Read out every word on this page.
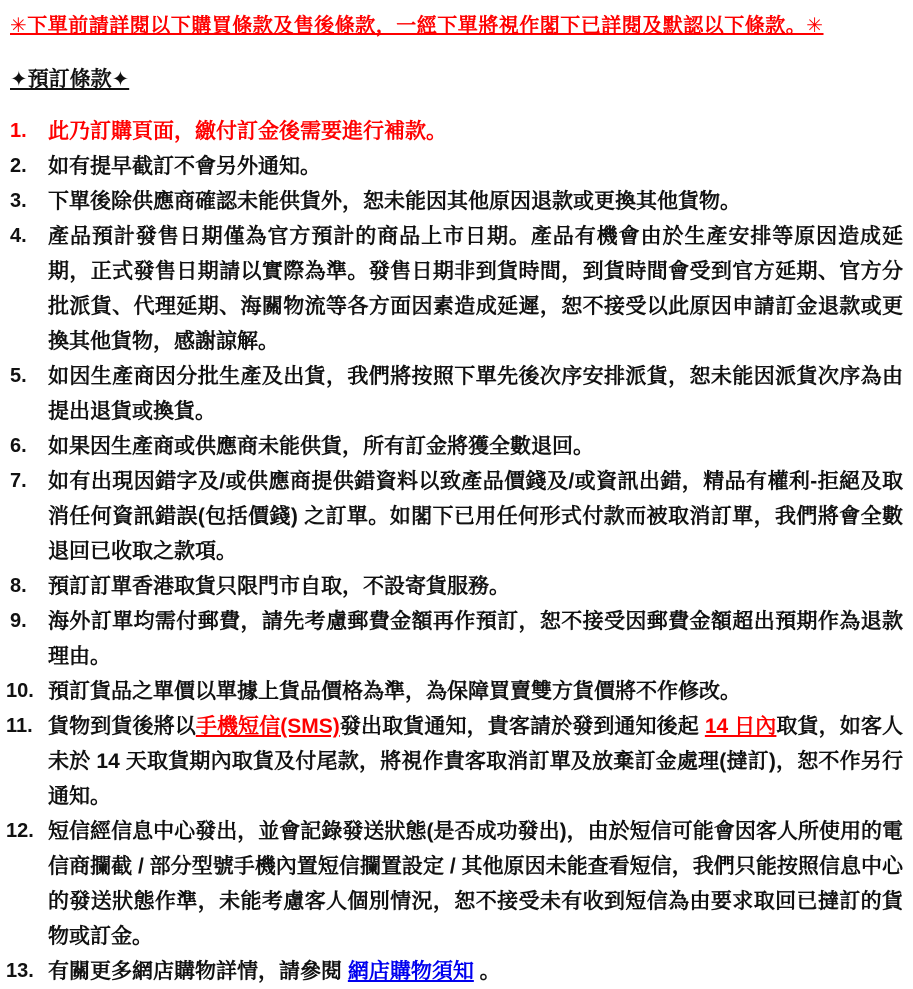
✳下單前請詳閱以下購買條款及售後條款，一經下單將視作閣下已詳閱及默認以下條款。✳
✦預訂條款✦
1.	此乃訂購頁面，繳付訂金後需要進行補款。
2.	如有提早截訂不會另外通知。
3.	下單後除供應商確認未能供貨外，恕未能因其他原因退款或更換其他貨物。
4.	產品預計發售日期僅為官方預計的商品上市日期。產品有機會由於生產安排等原因造成延期，正式發售日期請以實際為準。發售日期非到貨時間，到貨時間會受到官方延期、官方分批派貨、代理延期、海關物流等各方面因素造成延遲，恕不接受以此原因申請訂金退款或更換其他貨物，感謝諒解。
5.	如因生產商因分批生產及出貨，我們將按照下單先後次序安排派貨，恕未能因派貨次序為由提出退貨或換貨。
6.	如果因生產商或供應商未能供貨，所有訂金將獲全數退回。
7.	如有出現因錯字及/或供應商提供錯資料以致產品價錢及/或資訊出錯，精品有權利-拒絕及取消任何資訊錯誤(包括價錢) 之訂單。如閣下已用任何形式付款而被取消訂單，我們將會全數退回已收取之款項。
8.	預訂訂單香港取貨只限門市自取，不設寄貨服務。
9.	海外訂單均需付郵費，請先考慮郵費金額再作預訂，恕不接受因郵費金額超出預期作為退款理由。
10. 預訂貨品之單價以單據上貨品價格為準，為保障買賣雙方貨價將不作修改。
11. 貨物到貨後將以手機短信(SMS)發出取貨通知，貴客請於發到通知後起 14 日內取貨，如客人未於 14 天取貨期內取貨及付尾款，將視作貴客取消訂單及放棄訂金處理(撻訂)，恕不作另行通知。
12. 短信經信息中心發出，並會記錄發送狀態(是否成功發出)，由於短信可能會因客人所使用的電信商攔截 / 部分型號手機內置短信攔置設定 / 其他原因未能查看短信，我們只能按照信息中心的發送狀態作準，未能考慮客人個別情況，恕不接受未有收到短信為由要求取回已撻訂的貨物或訂金。
13. 有關更多網店購物詳情，請參閱 網店購物須知 。
